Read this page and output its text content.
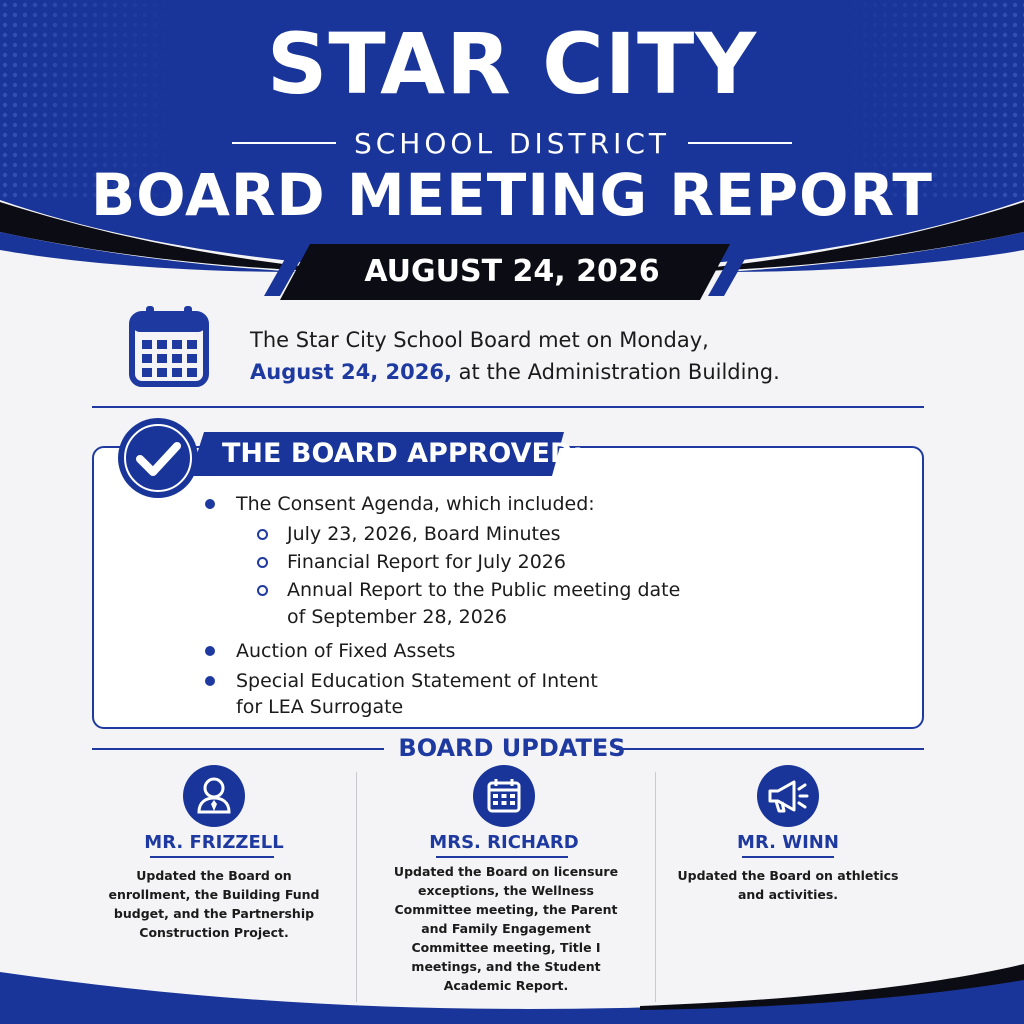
STAR CITY
SCHOOL DISTRICT
BOARD MEETING REPORT
AUGUST 24, 2026
The Star City School Board met on Monday,
August 24, 2026, at the Administration Building.
THE BOARD APPROVED:
The Consent Agenda, which included:
July 23, 2026, Board Minutes
Financial Report for July 2026
Annual Report to the Public meeting date
of September 28, 2026
Auction of Fixed Assets
Special Education Statement of Intent
for LEA Surrogate
BOARD UPDATES
MR. FRIZZELL
Updated the Board on enrollment, the Building Fund budget, and the Partnership Construction Project.
MRS. RICHARD
Updated the Board on licensure exceptions, the Wellness Committee meeting, the Parent and Family Engagement Committee meeting, Title I meetings, and the Student Academic Report.
MR. WINN
Updated the Board on athletics and activities.
